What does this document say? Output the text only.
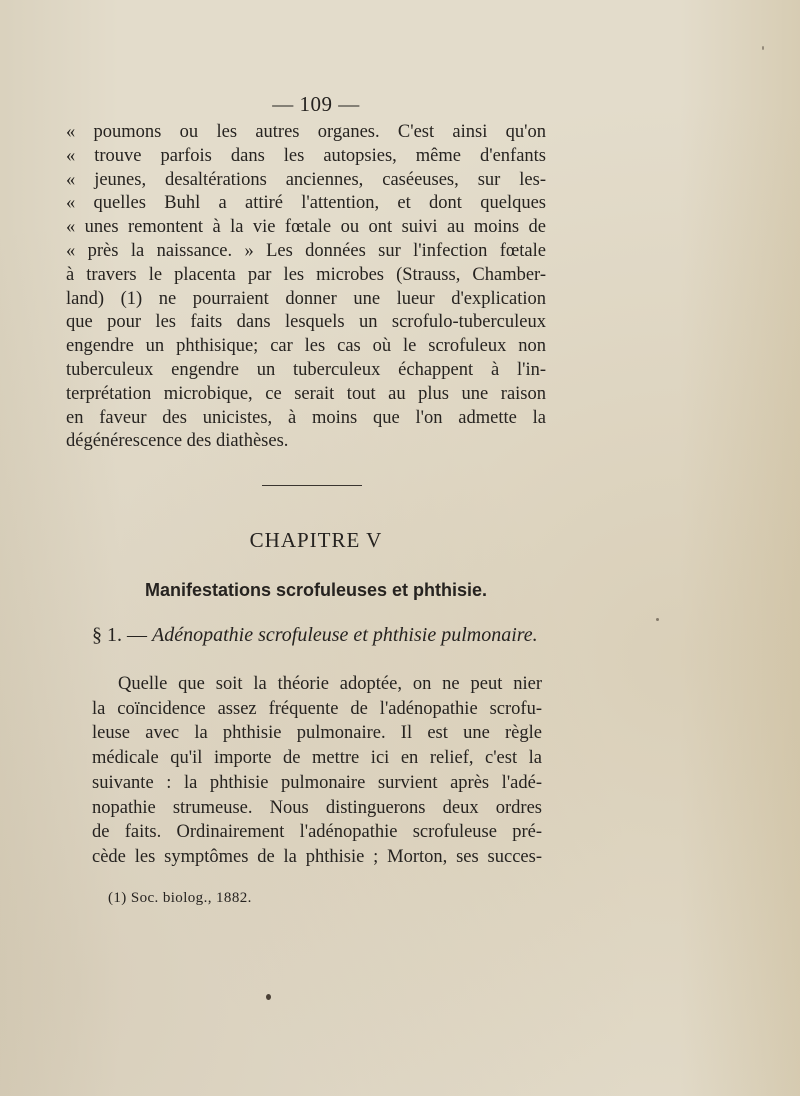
— 109 —
« poumons ou les autres organes. C'est ainsi qu'on
« trouve parfois dans les autopsies, même d'enfants
« jeunes, desaltérations anciennes, caséeuses, sur les-
« quelles Buhl a attiré l'attention, et dont quelques
« unes remontent à la vie fœtale ou ont suivi au moins de
« près la naissance. » Les données sur l'infection fœtale
à travers le placenta par les microbes (Strauss, Chamber-
land) (1) ne pourraient donner une lueur d'explication
que pour les faits dans lesquels un scrofulo-tuberculeux
engendre un phthisique; car les cas où le scrofuleux non
tuberculeux engendre un tuberculeux échappent à l'in-
terprétation microbique, ce serait tout au plus une raison
en faveur des unicistes, à moins que l'on admette la
dégénérescence des diathèses.
CHAPITRE V
Manifestations scrofuleuses et phthisie.
§ 1. — Adénopathie scrofuleuse et phthisie pulmonaire.
Quelle que soit la théorie adoptée, on ne peut nier
la coïncidence assez fréquente de l'adénopathie scrofu-
leuse avec la phthisie pulmonaire. Il est une règle
médicale qu'il importe de mettre ici en relief, c'est la
suivante : la phthisie pulmonaire survient après l'adé-
nopathie strumeuse. Nous distinguerons deux ordres
de faits. Ordinairement l'adénopathie scrofuleuse pré-
cède les symptômes de la phthisie ; Morton, ses succes-
(1) Soc. biolog., 1882.
